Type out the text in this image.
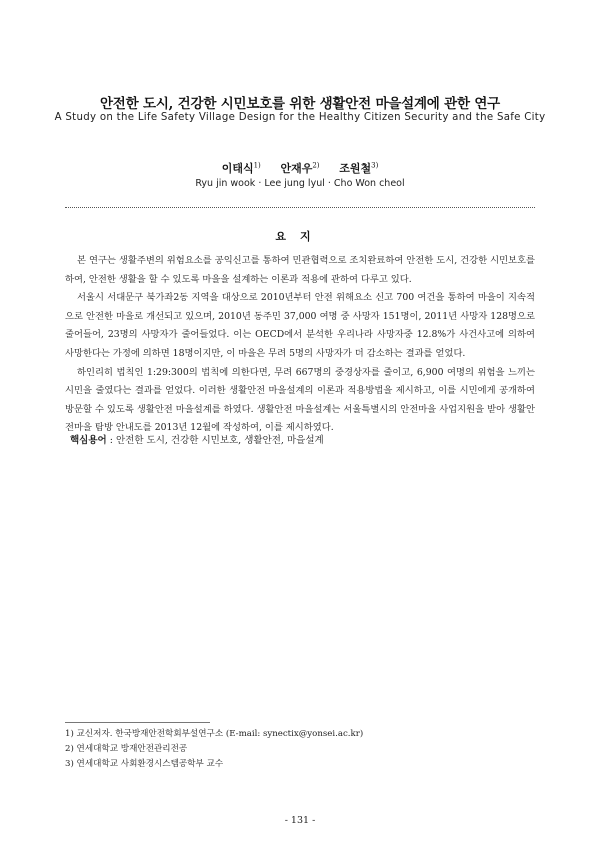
안전한 도시, 건강한 시민보호를 위한 생활안전 마을설계에 관한 연구
A Study on the Life Safety Village Design for the Healthy Citizen Security and the Safe City
이태식$^{1)}$ 안재우$^{2)}$ 조원철$^{3)}$
Ryu jin wook · Lee jung lyul · Cho Won cheol
요지

본 연구는 생활주변의 위험요소를 공익신고를 통하여 민관협력으로 조치완료하여 안전한 도시, 건강한 시민보호를 하여, 안전한 생활을 할 수 있도록 마을을 설계하는 이론과 적용에 관하여 다루고 있다.

서울시 서대문구 북가좌2동 지역을 대상으로 2010년부터 안전 위해요소 신고 700 여건을 통하여 마을이 지속적으로 안전한 마을로 개선되고 있으며, 2010년 동주민 37,000 여명 중 사망자 151명이, 2011년 사망자 128명으로 줄어들어, 23명의 사망자가 줄어들었다. 이는 OECD에서 분석한 우리나라 사망자중 12.8%가 사건사고에 의하여 사망한다는 가정에 의하면 18명이지만, 이 마을은 무려 5명의 사망자가 더 감소하는 결과를 얻었다.

하인리히 법칙인 1:29:300의 법칙에 의한다면, 무려 667명의 중경상자를 줄이고, 6,900 여명의 위험을 느끼는 시민을 줄였다는 결과를 얻었다. 이러한 생활안전 마을설계의 이론과 적용방법을 제시하고, 이를 시민에게 공개하여 방문할 수 있도록 생활안전 마을설계를 하였다. 생활안전 마을설계는 서울특별시의 안전마을 사업지원을 받아 생활안전마을 탐방 안내도를 2013년 12월에 작성하여, 이를 제시하였다.

핵심용어 : 안전한 도시, 건강한 시민보호, 생활안전, 마을설계
1) 교신저자. 한국방재안전학회부설연구소 (E-mail: synectix@yonsei.ac.kr)
2) 연세대학교 방재안전관리전공
3) 연세대학교 사회환경시스템공학부 교수
- 131 -
